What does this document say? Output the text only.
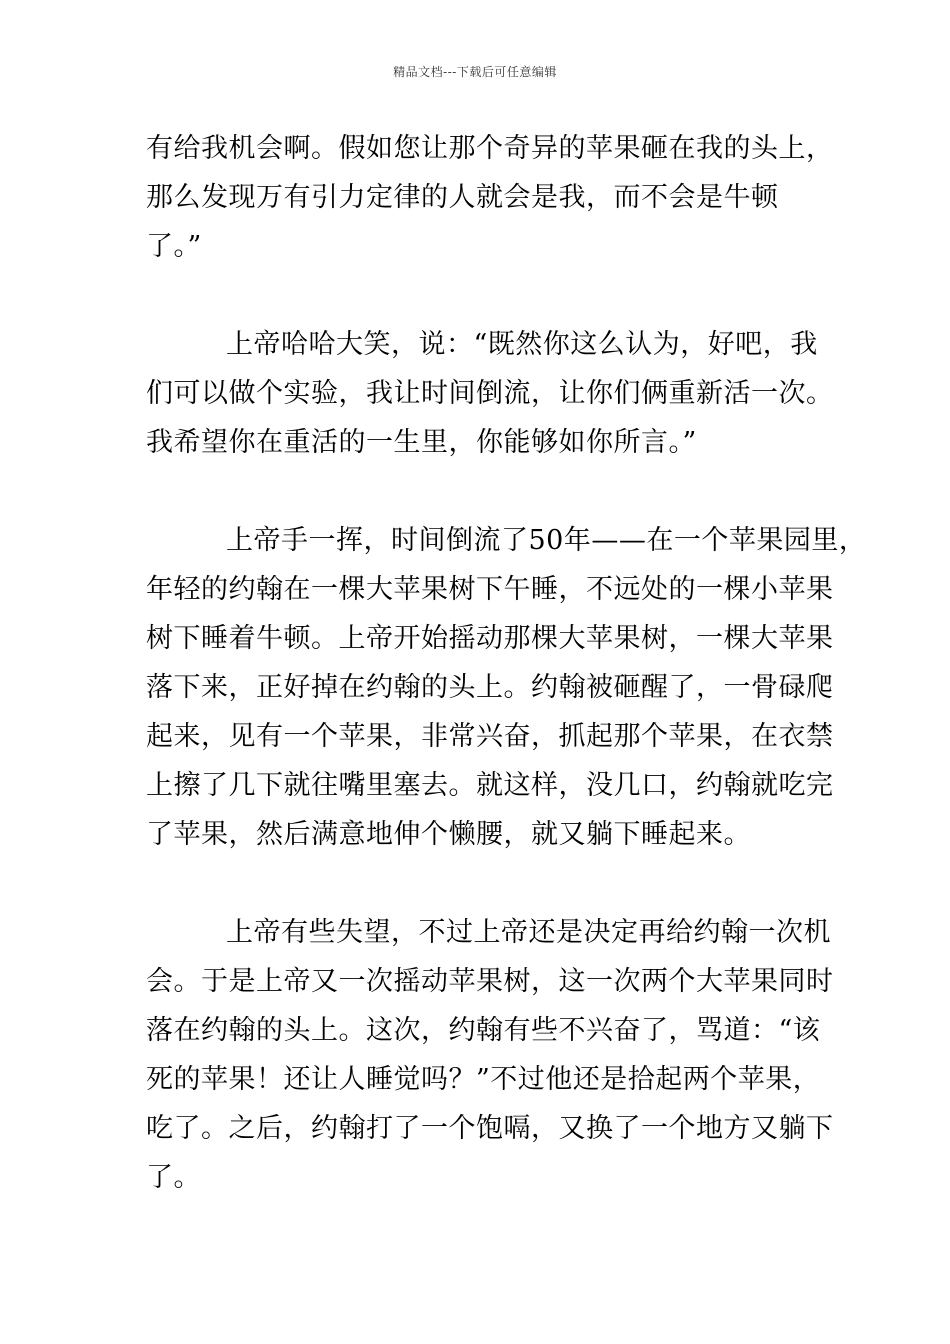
精品文档---下载后可任意编辑

有给我机会啊。假如您让那个奇异的苹果砸在我的头上，
那么发现万有引力定律的人就会是我，而不会是牛顿
了。”

上帝哈哈大笑，说：“既然你这么认为，好吧，我
们可以做个实验，我让时间倒流，让你们俩重新活一次。
我希望你在重活的一生里，你能够如你所言。”

上帝手一挥，时间倒流了50年——在一个苹果园里，
年轻的约翰在一棵大苹果树下午睡，不远处的一棵小苹果
树下睡着牛顿。上帝开始摇动那棵大苹果树，一棵大苹果
落下来，正好掉在约翰的头上。约翰被砸醒了，一骨碌爬
起来，见有一个苹果，非常兴奋，抓起那个苹果，在衣禁
上擦了几下就往嘴里塞去。就这样，没几口，约翰就吃完
了苹果，然后满意地伸个懒腰，就又躺下睡起来。

上帝有些失望，不过上帝还是决定再给约翰一次机
会。于是上帝又一次摇动苹果树，这一次两个大苹果同时
落在约翰的头上。这次，约翰有些不兴奋了，骂道：“该
死的苹果！还让人睡觉吗？”不过他还是拾起两个苹果，
吃了。之后，约翰打了一个饱嗝，又换了一个地方又躺下
了。
